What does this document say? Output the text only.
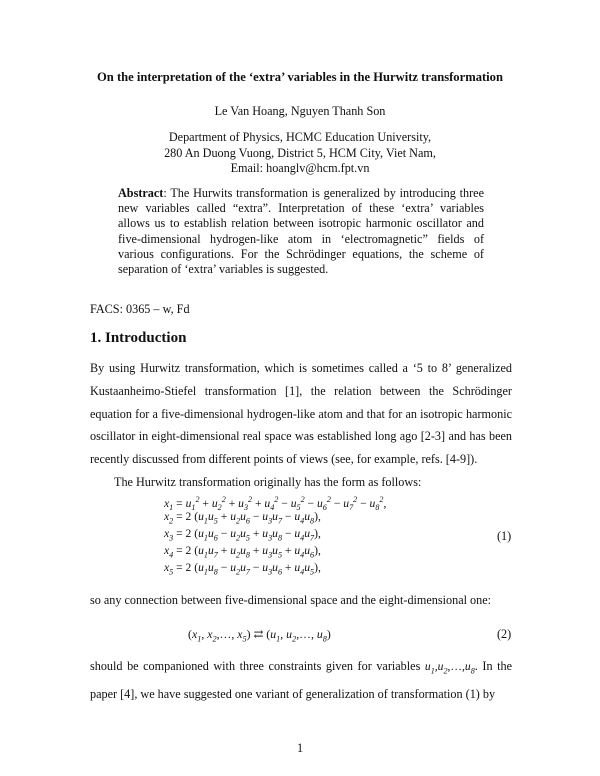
On the interpretation of the ‘extra’ variables in the Hurwitz transformation
Le Van Hoang, Nguyen Thanh Son
Department of Physics, HCMC Education University,
280 An Duong Vuong, District 5, HCM City, Viet Nam,
Email: hoanglv@hcm.fpt.vn
Abstract: The Hurwits transformation is generalized by introducing three new variables called “extra”. Interpretation of these ‘extra’ variables allows us to establish relation between isotropic harmonic oscillator and five-dimensional hydrogen-like atom in ‘electromagnetic” fields of various configurations. For the Schrödinger equations, the scheme of separation of ‘extra’ variables is suggested.
FACS: 0365 – w, Fd
1. Introduction

By using Hurwitz transformation, which is sometimes called a ‘5 to 8’ generalized Kustaanheimo-Stiefel transformation [1], the relation between the Schrödinger equation for a five-dimensional hydrogen-like atom and that for an isotropic harmonic oscillator in eight-dimensional real space was established long ago [2-3] and has been recently discussed from different points of views (see, for example, refs. [4-9]).

The Hurwitz transformation originally has the form as follows:

$x_1 = u_1^2 + u_2^2 + u_3^2 + u_4^2 - u_5^2 - u_6^2 - u_7^2 - u_8^2$,
$x_2 = 2$ $(u_1u_5 + u_2u_6 - u_3u_7 - u_4u_8)$,
$x_3 = 2$ $(u_1u_6 - u_2u_5 + u_3u_8 - u_4u_7)$,
$x_4 = 2$ $(u_1u_7 + u_2u_8 + u_3u_5 + u_4u_6)$,
$x_5 = 2$ $(u_1u_8 - u_2u_7 - u_3u_6 + u_4u_5)$,
(1)
so any connection between five-dimensional space and the eight-dimensional one:
($x_1$, $x_2,\dots$, $x_5$) ⇄ ($u_1$, $u_2,\dots$, $u_8$)	(2)
should be companioned with three constraints given for variables $u_1,u_2,\dots,u_8$. In the paper [4], we have suggested one variant of generalization of transformation (1) by
1
